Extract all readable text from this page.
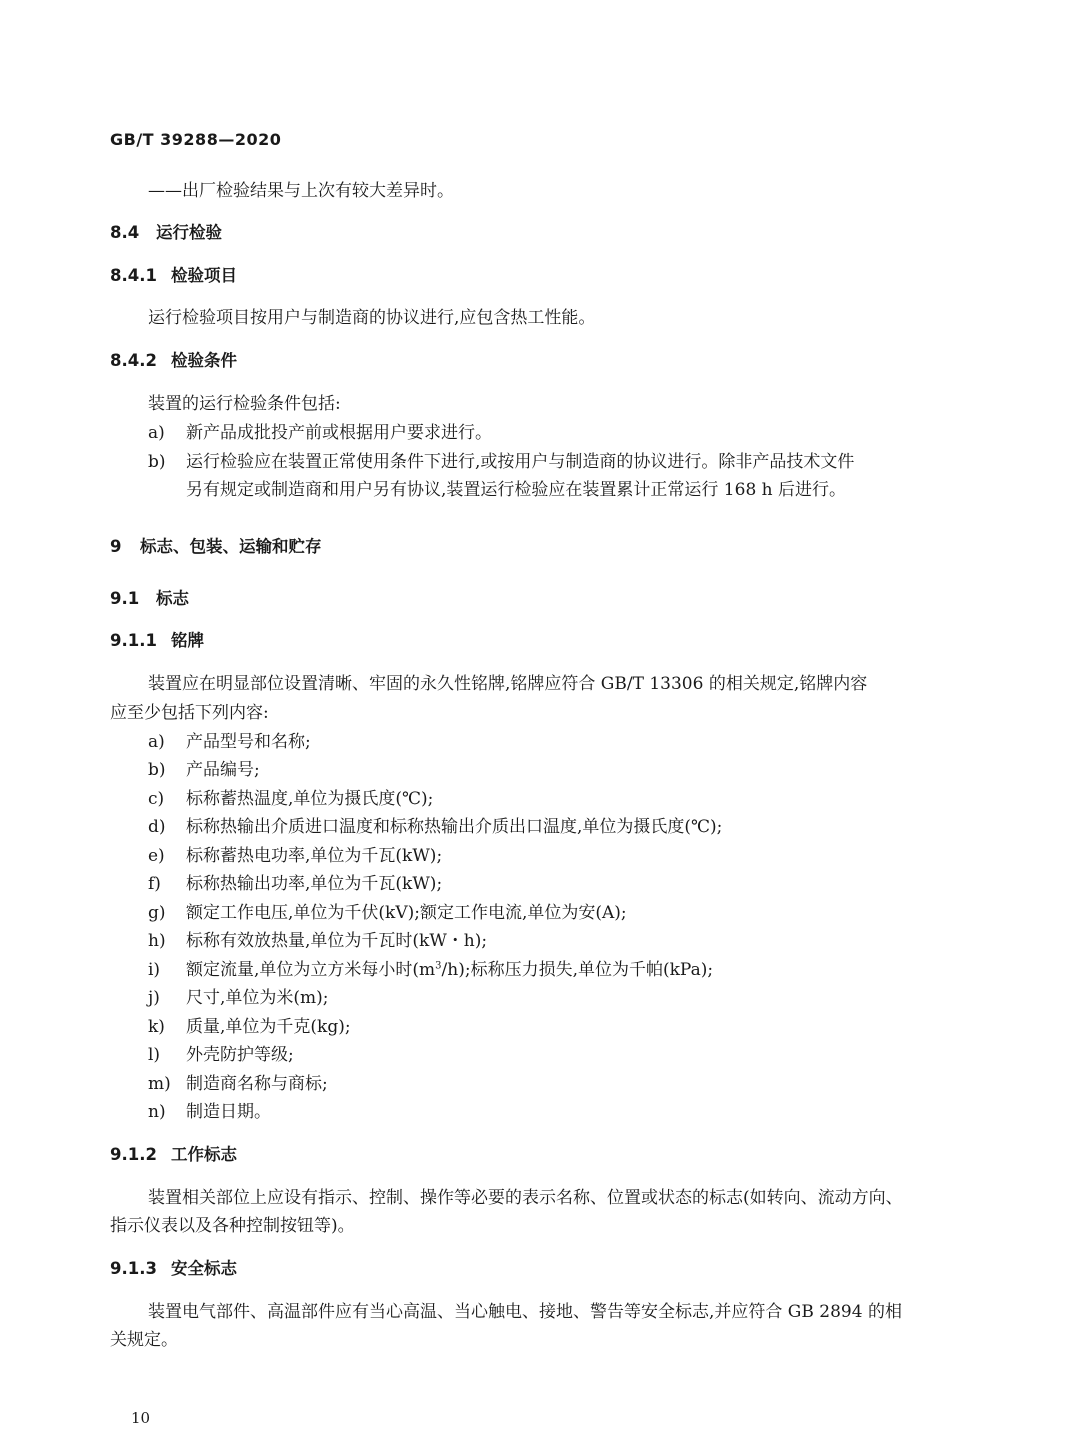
GB/T 39288—2020
——出厂检验结果与上次有较大差异时。
8.4 运行检验
8.4.1 检验项目
运行检验项目按用户与制造商的协议进行,应包含热工性能。
8.4.2 检验条件
装置的运行检验条件包括:
a) 新产品成批投产前或根据用户要求进行。
b) 运行检验应在装置正常使用条件下进行,或按用户与制造商的协议进行。除非产品技术文件
另有规定或制造商和用户另有协议,装置运行检验应在装置累计正常运行 168 h 后进行。
9 标志、包装、运输和贮存
9.1 标志
9.1.1 铭牌
装置应在明显部位设置清晰、牢固的永久性铭牌,铭牌应符合 GB/T 13306 的相关规定,铭牌内容
应至少包括下列内容:
a) 产品型号和名称;
b) 产品编号;
c) 标称蓄热温度,单位为摄氏度(℃);
d) 标称热输出介质进口温度和标称热输出介质出口温度,单位为摄氏度(℃);
e) 标称蓄热电功率,单位为千瓦(kW);
f) 标称热输出功率,单位为千瓦(kW);
g) 额定工作电压,单位为千伏(kV);额定工作电流,单位为安(A);
h) 标称有效放热量,单位为千瓦时(kW・h);
i) 额定流量,单位为立方米每小时$(m^3/h)$;标称压力损失,单位为千帕(kPa);
j) 尺寸,单位为米(m);
k) 质量,单位为千克(kg);
l) 外壳防护等级;
m) 制造商名称与商标;
n) 制造日期。
9.1.2 工作标志
装置相关部位上应设有指示、控制、操作等必要的表示名称、位置或状态的标志(如转向、流动方向、
指示仪表以及各种控制按钮等)。
9.1.3 安全标志
装置电气部件、高温部件应有当心高温、当心触电、接地、警告等安全标志,并应符合 GB 2894 的相
关规定。
10
